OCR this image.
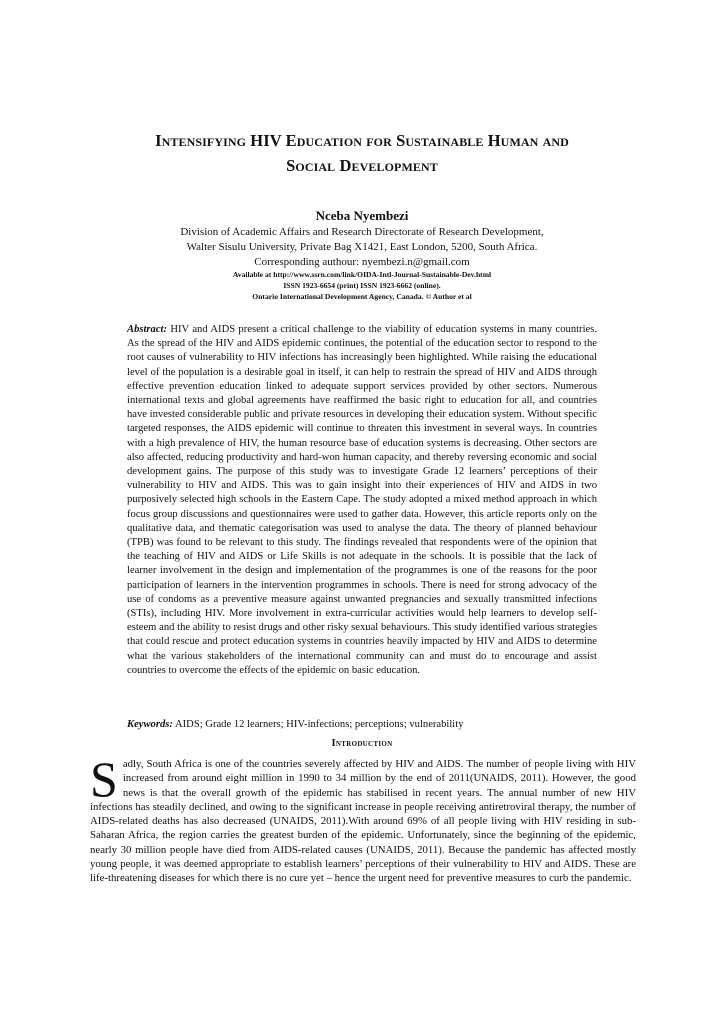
Intensifying HIV Education for Sustainable Human and
Social Development
Nceba Nyembezi
Division of Academic Affairs and Research Directorate of Research Development,
Walter Sisulu University, Private Bag X1421, East London, 5200, South Africa.
Corresponding authour: nyembezi.n@gmail.com
Available at http://www.ssrn.com/link/OIDA-Intl-Journal-Sustainable-Dev.html
ISSN 1923-6654 (print) ISSN 1923-6662 (online).
Ontario International Development Agency, Canada. © Author et al
Abstract: HIV and AIDS present a critical challenge to the viability of education systems in many countries. As the spread of the HIV and AIDS epidemic continues, the potential of the education sector to respond to the root causes of vulnerability to HIV infections has increasingly been highlighted. While raising the educational level of the population is a desirable goal in itself, it can help to restrain the spread of HIV and AIDS through effective prevention education linked to adequate support services provided by other sectors. Numerous international texts and global agreements have reaffirmed the basic right to education for all, and countries have invested considerable public and private resources in developing their education system. Without specific targeted responses, the AIDS epidemic will continue to threaten this investment in several ways. In countries with a high prevalence of HIV, the human resource base of education systems is decreasing. Other sectors are also affected, reducing productivity and hard-won human capacity, and thereby reversing economic and social development gains. The purpose of this study was to investigate Grade 12 learners’ perceptions of their vulnerability to HIV and AIDS. This was to gain insight into their experiences of HIV and AIDS in two purposively selected high schools in the Eastern Cape. The study adopted a mixed method approach in which focus group discussions and questionnaires were used to gather data. However, this article reports only on the qualitative data, and thematic categorisation was used to analyse the data. The theory of planned behaviour (TPB) was found to be relevant to this study. The findings revealed that respondents were of the opinion that the teaching of HIV and AIDS or Life Skills is not adequate in the schools. It is possible that the lack of learner involvement in the design and implementation of the programmes is one of the reasons for the poor participation of learners in the intervention programmes in schools. There is need for strong advocacy of the use of condoms as a preventive measure against unwanted pregnancies and sexually transmitted infections (STIs), including HIV. More involvement in extra-curricular activities would help learners to develop self-esteem and the ability to resist drugs and other risky sexual behaviours. This study identified various strategies that could rescue and protect education systems in countries heavily impacted by HIV and AIDS to determine what the various stakeholders of the international community can and must do to encourage and assist countries to overcome the effects of the epidemic on basic education.
Keywords: AIDS; Grade 12 learners; HIV-infections; perceptions; vulnerability
Introduction
S adly, South Africa is one of the countries severely affected by HIV and AIDS. The number of people living with HIV increased from around eight million in 1990 to 34 million by the end of 2011(UNAIDS, 2011). However, the good news is that the overall growth of the epidemic has stabilised in recent years. The annual number of new HIV infections has steadily declined, and owing to the significant increase in people receiving antiretroviral therapy, the number of AIDS-related deaths has also decreased (UNAIDS, 2011).With around 69% of all people living with HIV residing in sub-Saharan Africa, the region carries the greatest burden of the epidemic. Unfortunately, since the beginning of the epidemic, nearly 30 million people have died from AIDS-related causes (UNAIDS, 2011). Because the pandemic has affected mostly young people, it was deemed appropriate to establish learners’ perceptions of their vulnerability to HIV and AIDS. These are life-threatening diseases for which there is no cure yet – hence the urgent need for preventive measures to curb the pandemic.
